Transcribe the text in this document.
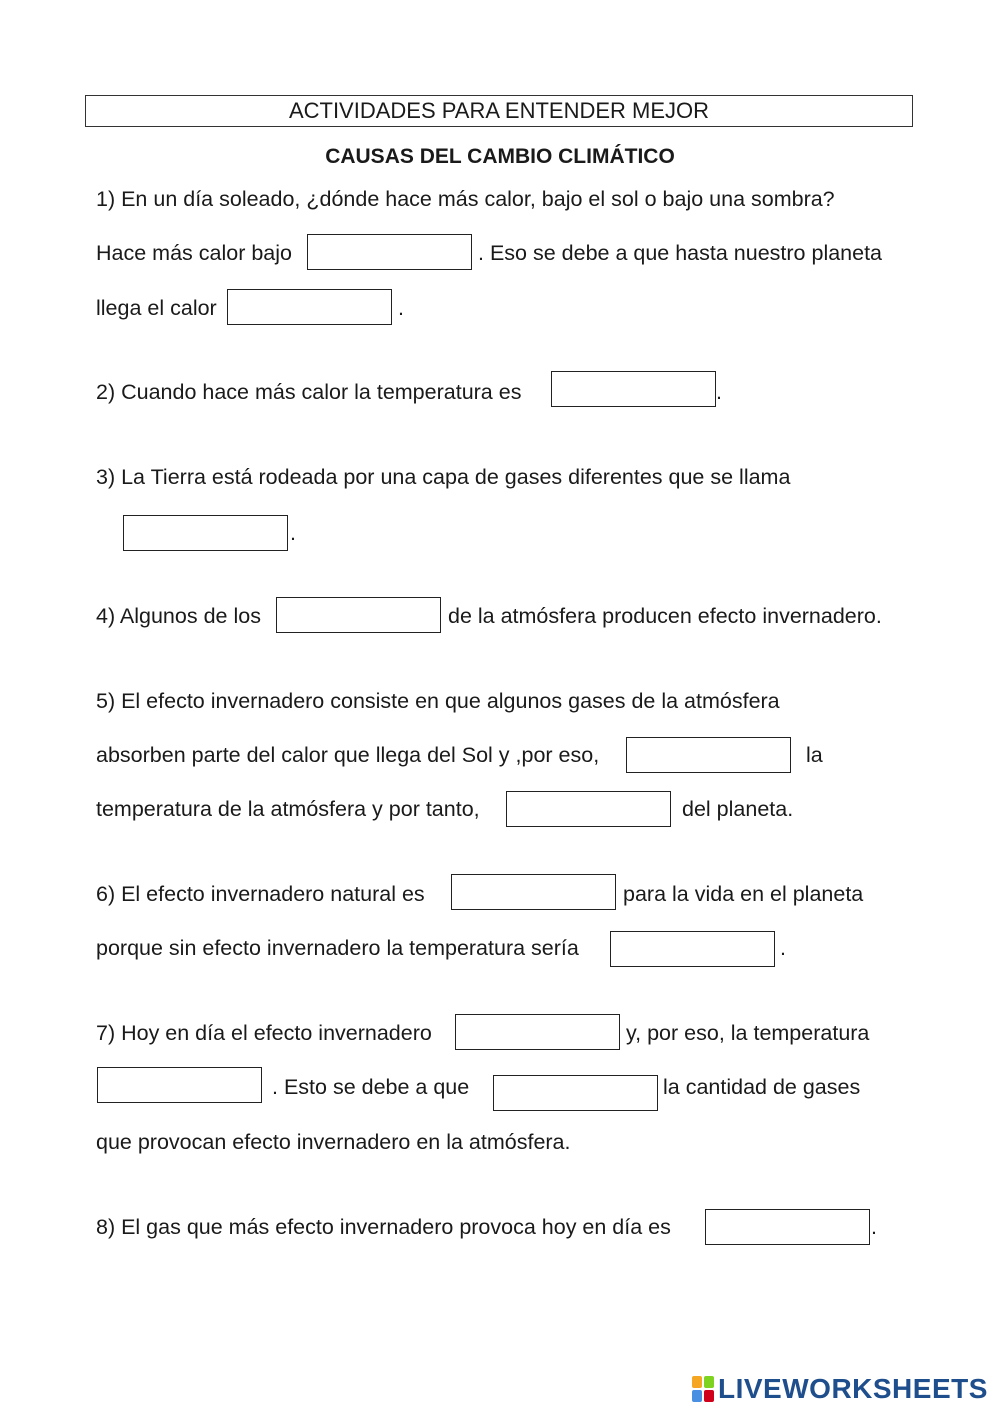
ACTIVIDADES PARA ENTENDER MEJOR
CAUSAS DEL CAMBIO CLIMÁTICO
1) En un día soleado, ¿dónde hace más calor, bajo el sol o bajo una sombra?
Hace más calor bajo	. Eso se debe a que hasta nuestro planeta
llega el calor	.
2) Cuando hace más calor la temperatura es	.
3) La Tierra está rodeada por una capa de gases diferentes que se llama
.
4) Algunos de los	de la atmósfera producen efecto invernadero.
5) El efecto invernadero consiste en que algunos gases de la atmósfera
absorben parte del calor que llega del Sol y ,por eso,	la
temperatura de la atmósfera y por tanto,	del planeta.
6) El efecto invernadero natural es	para la vida en el planeta
porque sin efecto invernadero la temperatura sería	.
7) Hoy en día el efecto invernadero	y, por eso, la temperatura
. Esto se debe a que	la cantidad de gases
que provocan efecto invernadero en la atmósfera.
8) El gas que más efecto invernadero provoca hoy en día es	.
LIVEWORKSHEETS
